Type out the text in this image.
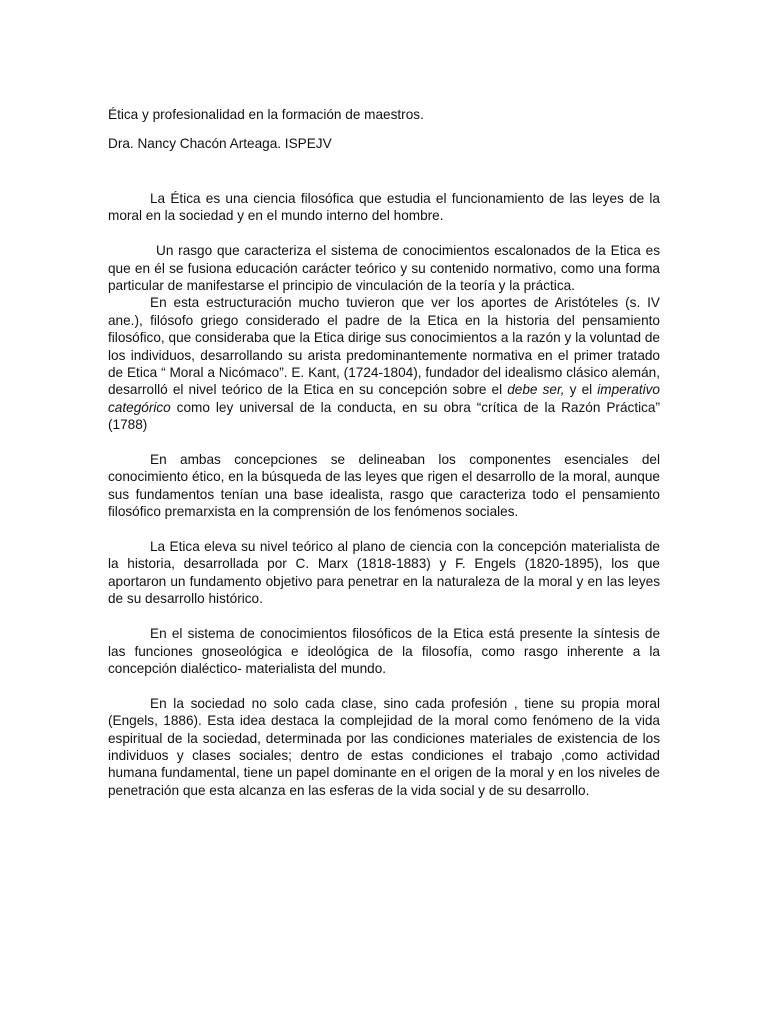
Ética y profesionalidad en la formación de maestros.
Dra. Nancy Chacón Arteaga. ISPEJV

La Ética es una ciencia filosófica que estudia el funcionamiento de las leyes de la moral en la sociedad y en el mundo interno del hombre.

Un rasgo que caracteriza el sistema de conocimientos escalonados de la Etica es que en él se fusiona educación carácter teórico y su contenido normativo, como una forma particular de manifestarse el principio de vinculación de la teoría y la práctica.

En esta estructuración mucho tuvieron que ver los aportes de Aristóteles (s. IV ane.), filósofo griego considerado el padre de la Etica en la historia del pensamiento filosófico, que consideraba que la Etica dirige sus conocimientos a la razón y la voluntad de los individuos, desarrollando su arista predominantemente normativa en el primer tratado de Etica “ Moral a Nicómaco”. E. Kant, (1724-1804), fundador del idealismo clásico alemán, desarrolló el nivel teórico de la Etica en su concepción sobre el debe ser, y el imperativo categórico como ley universal de la conducta, en su obra “crítica de la Razón Práctica” (1788)

En ambas concepciones se delineaban los componentes esenciales del conocimiento ético, en la búsqueda de las leyes que rigen el desarrollo de la moral, aunque sus fundamentos tenían una base idealista, rasgo que caracteriza todo el pensamiento filosófico premarxista en la comprensión de los fenómenos sociales.

La Etica eleva su nivel teórico al plano de ciencia con la concepción materialista de la historia, desarrollada por C. Marx (1818-1883) y F. Engels (1820-1895), los que aportaron un fundamento objetivo para penetrar en la naturaleza de la moral y en las leyes de su desarrollo histórico.

En el sistema de conocimientos filosóficos de la Etica está presente la síntesis de las funciones gnoseológica e ideológica de la filosofía, como rasgo inherente a la concepción dialéctico- materialista del mundo.

En la sociedad no solo cada clase, sino cada profesión , tiene su propia moral (Engels, 1886). Esta idea destaca la complejidad de la moral como fenómeno de la vida espiritual de la sociedad, determinada por las condiciones materiales de existencia de los individuos y clases sociales; dentro de estas condiciones el trabajo ,como actividad humana fundamental, tiene un papel dominante en el origen de la moral y en los niveles de penetración que esta alcanza en las esferas de la vida social y de su desarrollo.
